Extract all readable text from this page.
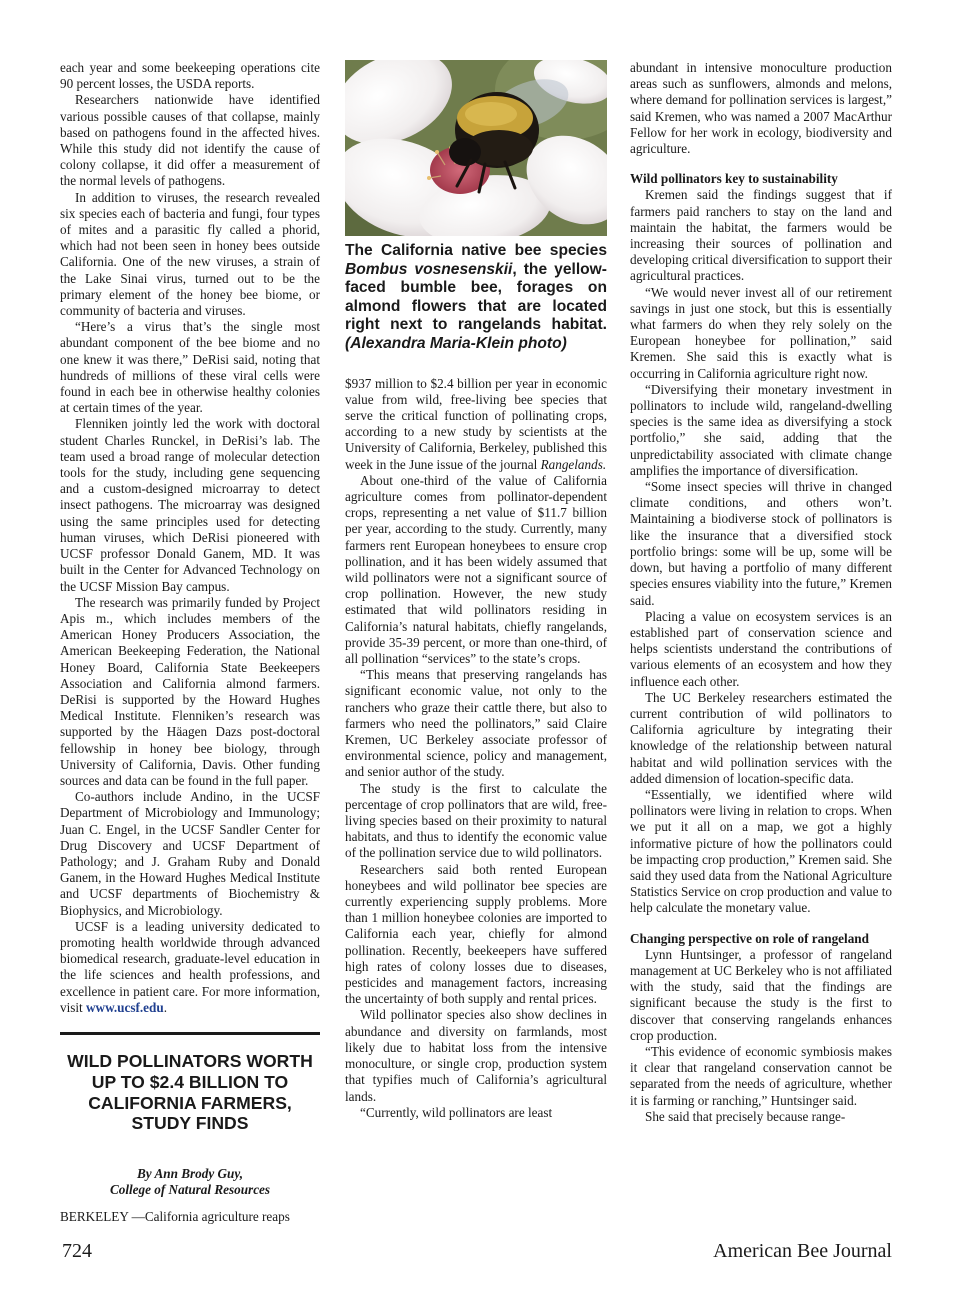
each year and some beekeeping operations cite 90 percent losses, the USDA reports.

Researchers nationwide have identified various possible causes of that collapse, mainly based on pathogens found in the affected hives. While this study did not identify the cause of colony collapse, it did offer a measurement of the normal levels of pathogens.

In addition to viruses, the research revealed six species each of bacteria and fungi, four types of mites and a parasitic fly called a phorid, which had not been seen in honey bees outside California. One of the new viruses, a strain of the Lake Sinai virus, turned out to be the primary element of the honey bee biome, or community of bacteria and viruses.

“Here’s a virus that’s the single most abundant component of the bee biome and no one knew it was there,” DeRisi said, noting that hundreds of millions of these viral cells were found in each bee in otherwise healthy colonies at certain times of the year.

Flenniken jointly led the work with doctoral student Charles Runckel, in DeRisi’s lab. The team used a broad range of molecular detection tools for the study, including gene sequencing and a custom-designed microarray to detect insect pathogens. The microarray was designed using the same principles used for detecting human viruses, which DeRisi pioneered with UCSF professor Donald Ganem, MD. It was built in the Center for Advanced Technology on the UCSF Mission Bay campus.

The research was primarily funded by Project Apis m., which includes members of the American Honey Producers Association, the American Beekeeping Federation, the National Honey Board, California State Beekeepers Association and California almond farmers. DeRisi is supported by the Howard Hughes Medical Institute. Flenniken’s research was supported by the Häagen Dazs post-doctoral fellowship in honey bee biology, through University of California, Davis. Other funding sources and data can be found in the full paper.

Co-authors include Andino, in the UCSF Department of Microbiology and Immunology; Juan C. Engel, in the UCSF Sandler Center for Drug Discovery and UCSF Department of Pathology; and J. Graham Ruby and Donald Ganem, in the Howard Hughes Medical Institute and UCSF departments of Biochemistry & Biophysics, and Microbiology.

UCSF is a leading university dedicated to promoting health worldwide through advanced biomedical research, graduate-level education in the life sciences and health professions, and excellence in patient care. For more information, visit www.ucsf.edu.

WILD POLLINATORS WORTH UP TO $2.4 BILLION TO CALIFORNIA FARMERS, STUDY FINDS
By Ann Brody Guy,
College of Natural Resources

BERKELEY —California agriculture reaps

The California native bee species Bombus vosnesenskii, the yellow-faced bumble bee, forages on almond flowers that are located right next to rangelands habitat. (Alexandra Maria-Klein photo)

$937 million to $2.4 billion per year in economic value from wild, free-living bee species that serve the critical function of pollinating crops, according to a new study by scientists at the University of California, Berkeley, published this week in the June issue of the journal Rangelands.

About one-third of the value of California agriculture comes from pollinator-dependent crops, representing a net value of $11.7 billion per year, according to the study. Currently, many farmers rent European honeybees to ensure crop pollination, and it has been widely assumed that wild pollinators were not a significant source of crop pollination. However, the new study estimated that wild pollinators residing in California’s natural habitats, chiefly rangelands, provide 35-39 percent, or more than one-third, of all pollination “services” to the state’s crops.

“This means that preserving rangelands has significant economic value, not only to the ranchers who graze their cattle there, but also to farmers who need the pollinators,” said Claire Kremen, UC Berkeley associate professor of environmental science, policy and management, and senior author of the study.

The study is the first to calculate the percentage of crop pollinators that are wild, free-living species based on their proximity to natural habitats, and thus to identify the economic value of the pollination service due to wild pollinators.

Researchers said both rented European honeybees and wild pollinator bee species are currently experiencing supply problems. More than 1 million honeybee colonies are imported to California each year, chiefly for almond pollination. Recently, beekeepers have suffered high rates of colony losses due to diseases, pesticides and management factors, increasing the uncertainty of both supply and rental prices.

Wild pollinator species also show declines in abundance and diversity on farmlands, most likely due to habitat loss from the intensive monoculture, or single crop, production system that typifies much of California’s agricultural lands.

“Currently, wild pollinators are least

abundant in intensive monoculture production areas such as sunflowers, almonds and melons, where demand for pollination services is largest,” said Kremen, who was named a 2007 MacArthur Fellow for her work in ecology, biodiversity and agriculture.

Wild pollinators key to sustainability

Kremen said the findings suggest that if farmers paid ranchers to stay on the land and maintain the habitat, the farmers would be increasing their sources of pollination and developing critical diversification to support their agricultural practices.

“We would never invest all of our retirement savings in just one stock, but this is essentially what farmers do when they rely solely on the European honeybee for pollination,” said Kremen. She said this is exactly what is occurring in California agriculture right now.

“Diversifying their monetary investment in pollinators to include wild, rangeland-dwelling species is the same idea as diversifying a stock portfolio,” she said, adding that the unpredictability associated with climate change amplifies the importance of diversification.

“Some insect species will thrive in changed climate conditions, and others won’t. Maintaining a biodiverse stock of pollinators is like the insurance that a diversified stock portfolio brings: some will be up, some will be down, but having a portfolio of many different species ensures viability into the future,” Kremen said.

Placing a value on ecosystem services is an established part of conservation science and helps scientists understand the contributions of various elements of an ecosystem and how they influence each other.

The UC Berkeley researchers estimated the current contribution of wild pollinators to California agriculture by integrating their knowledge of the relationship between natural habitat and wild pollination services with the added dimension of location-specific data.

“Essentially, we identified where wild pollinators were living in relation to crops. When we put it all on a map, we got a highly informative picture of how the pollinators could be impacting crop production,” Kremen said. She said they used data from the National Agriculture Statistics Service on crop production and value to help calculate the monetary value.

Changing perspective on role of rangeland

Lynn Huntsinger, a professor of rangeland management at UC Berkeley who is not affiliated with the study, said that the findings are significant because the study is the first to discover that conserving rangelands enhances crop production.

“This evidence of economic symbiosis makes it clear that rangeland conservation cannot be separated from the needs of agriculture, whether it is farming or ranching,” Huntsinger said.

She said that precisely because range-

724	American Bee Journal
